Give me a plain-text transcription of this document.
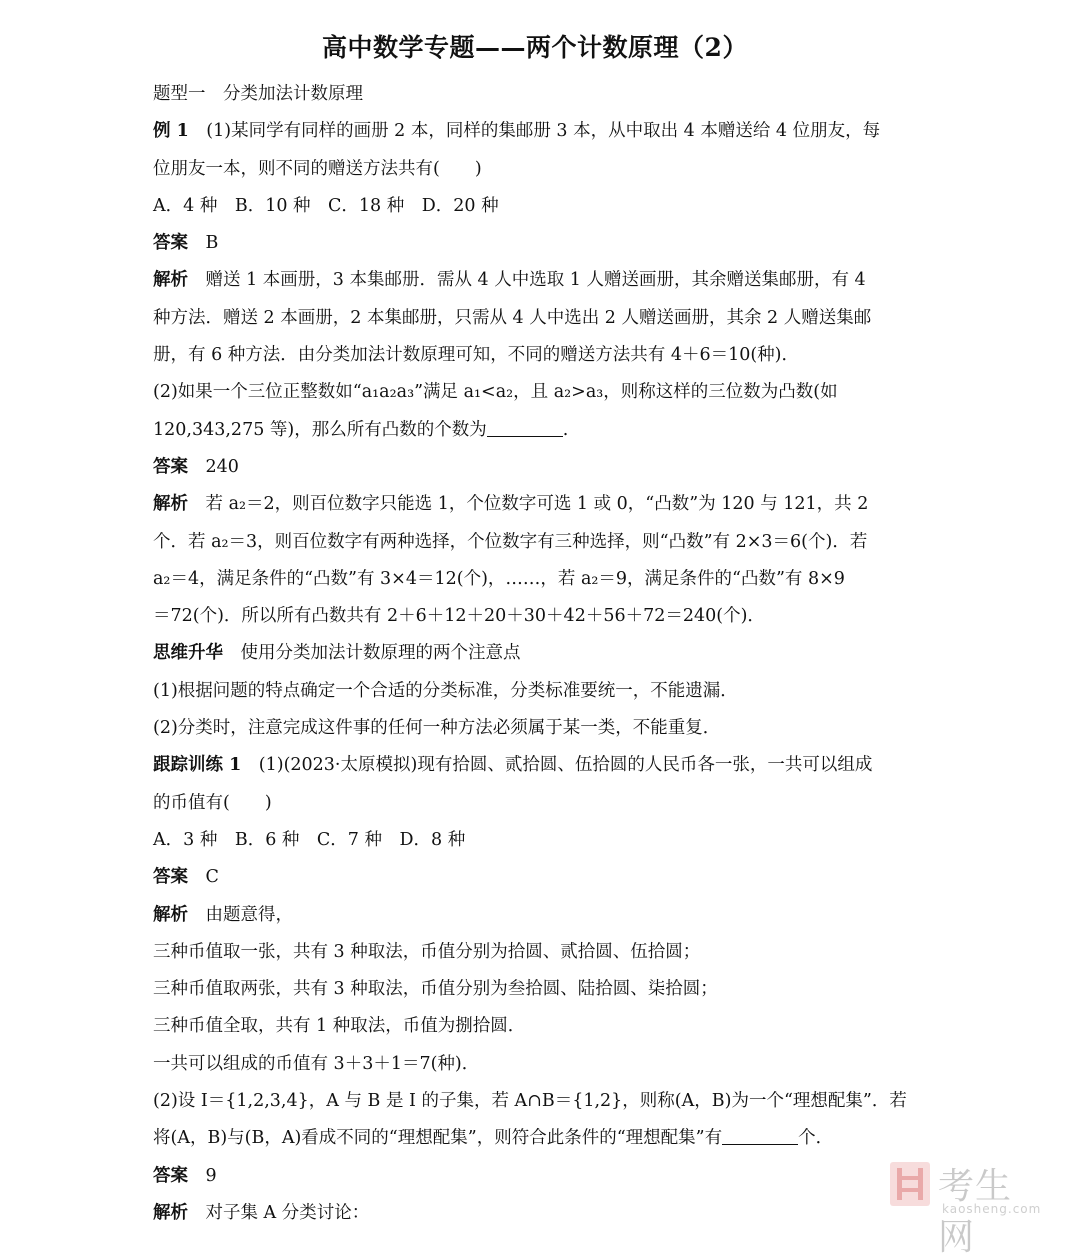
高中数学专题——两个计数原理（2）
题型一　分类加法计数原理
例 1　(1)某同学有同样的画册 2 本，同样的集邮册 3 本，从中取出 4 本赠送给 4 位朋友，每
位朋友一本，则不同的赠送方法共有(　　)
A．4 种　B．10 种　C．18 种　D．20 种
答案　B
解析　赠送 1 本画册，3 本集邮册．需从 4 人中选取 1 人赠送画册，其余赠送集邮册，有 4
种方法．赠送 2 本画册，2 本集邮册，只需从 4 人中选出 2 人赠送画册，其余 2 人赠送集邮
册，有 6 种方法．由分类加法计数原理可知，不同的赠送方法共有 4＋6＝10(种)．
(2)如果一个三位正整数如“a₁a₂a₃”满足 a₁<a₂，且 a₂>a₃，则称这样的三位数为凸数(如
120,343,275 等)，那么所有凸数的个数为	.
答案　240
解析　若 a₂＝2，则百位数字只能选 1，个位数字可选 1 或 0，“凸数”为 120 与 121，共 2
个．若 a₂＝3，则百位数字有两种选择，个位数字有三种选择，则“凸数”有 2×3＝6(个)．若
a₂＝4，满足条件的“凸数”有 3×4＝12(个)，……，若 a₂＝9，满足条件的“凸数”有 8×9
＝72(个)．所以所有凸数共有 2＋6＋12＋20＋30＋42＋56＋72＝240(个)．
思维升华　使用分类加法计数原理的两个注意点
(1)根据问题的特点确定一个合适的分类标准，分类标准要统一，不能遗漏．
(2)分类时，注意完成这件事的任何一种方法必须属于某一类，不能重复．
跟踪训练 1　(1)(2023·太原模拟)现有拾圆、贰拾圆、伍拾圆的人民币各一张，一共可以组成
的币值有(　　)
A．3 种　B．6 种　C．7 种　D．8 种
答案　C
解析　由题意得，
三种币值取一张，共有 3 种取法，币值分别为拾圆、贰拾圆、伍拾圆；
三种币值取两张，共有 3 种取法，币值分别为叁拾圆、陆拾圆、柒拾圆；
三种币值全取，共有 1 种取法，币值为捌拾圆．
一共可以组成的币值有 3＋3＋1＝7(种)．
(2)设 I＝{1,2,3,4}，A 与 B 是 I 的子集，若 A∩B＝{1,2}，则称(A，B)为一个“理想配集”．若
将(A，B)与(B，A)看成不同的“理想配集”，则符合此条件的“理想配集”有	个．
答案　9
解析　对子集 A 分类讨论：
考生网
kaosheng.com
